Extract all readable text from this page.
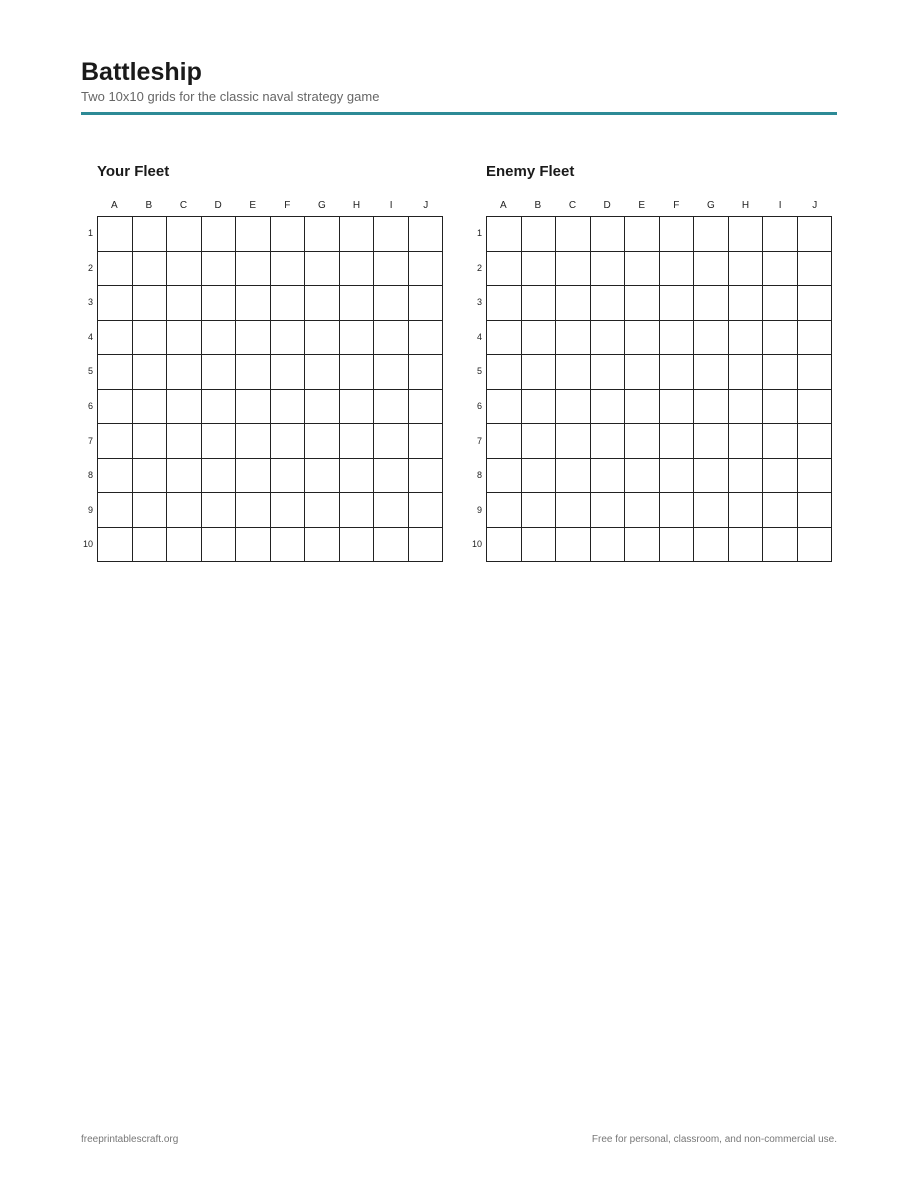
Battleship
Two 10x10 grids for the classic naval strategy game
Your Fleet
A	B	C	D	E	F	G	H	I	J
1
2
3
4
5
6
7
8
9
10
Enemy Fleet
A	B	C	D	E	F	G	H	I	J
1
2
3
4
5
6
7
8
9
10
freeprintablescraft.org	Free for personal, classroom, and non-commercial use.
